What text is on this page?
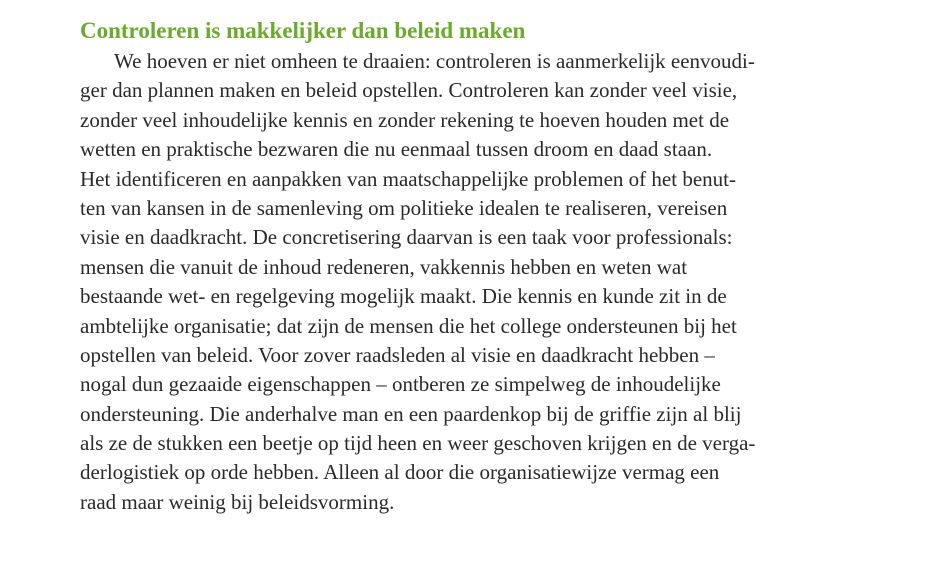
Controleren is makkelijker dan beleid maken
We hoeven er niet omheen te draaien: controleren is aanmerkelijk eenvoudi-
ger dan plannen maken en beleid opstellen. Controleren kan zonder veel visie,
zonder veel inhoudelijke kennis en zonder rekening te hoeven houden met de
wetten en praktische bezwaren die nu eenmaal tussen droom en daad staan.
Het identificeren en aanpakken van maatschappelijke problemen of het benut-
ten van kansen in de samenleving om politieke idealen te realiseren, vereisen
visie en daadkracht. De concretisering daarvan is een taak voor professionals:
mensen die vanuit de inhoud redeneren, vakkennis hebben en weten wat
bestaande wet- en regelgeving mogelijk maakt. Die kennis en kunde zit in de
ambtelijke organisatie; dat zijn de mensen die het college ondersteunen bij het
opstellen van beleid. Voor zover raadsleden al visie en daadkracht hebben –
nogal dun gezaaide eigenschappen – ontberen ze simpelweg de inhoudelijke
ondersteuning. Die anderhalve man en een paardenkop bij de griffie zijn al blij
als ze de stukken een beetje op tijd heen en weer geschoven krijgen en de verga-
derlogistiek op orde hebben. Alleen al door die organisatiewijze vermag een
raad maar weinig bij beleidsvorming.
